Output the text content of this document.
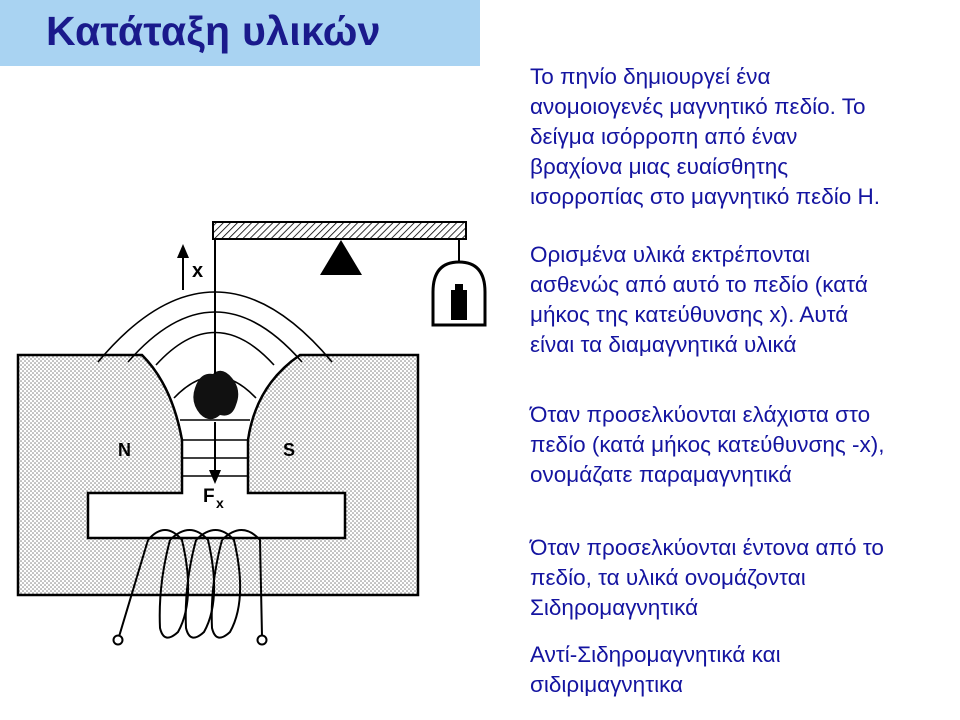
Κατάταξη υλικών
x
F x
N	S

Το πηνίο δημιουργεί ένα
ανομοιογενές μαγνητικό πεδίο. Το
δείγμα ισόρροπη από έναν
βραχίονα μιας ευαίσθητης
ισορροπίας στο μαγνητικό πεδίο H.

Ορισμένα υλικά εκτρέπονται
ασθενώς από αυτό το πεδίο (κατά
μήκος της κατεύθυνσης x). Αυτά
είναι τα διαμαγνητικά υλικά

Όταν προσελκύονται ελάχιστα στο
πεδίο (κατά μήκος κατεύθυνσης -x),
ονομάζατε παραμαγνητικά

Όταν προσελκύονται έντονα από το
πεδίο, τα υλικά ονομάζονται
Σιδηρομαγνητικά

Αντί-Σιδηρομαγνητικά και
σιδιριμαγνητικα
